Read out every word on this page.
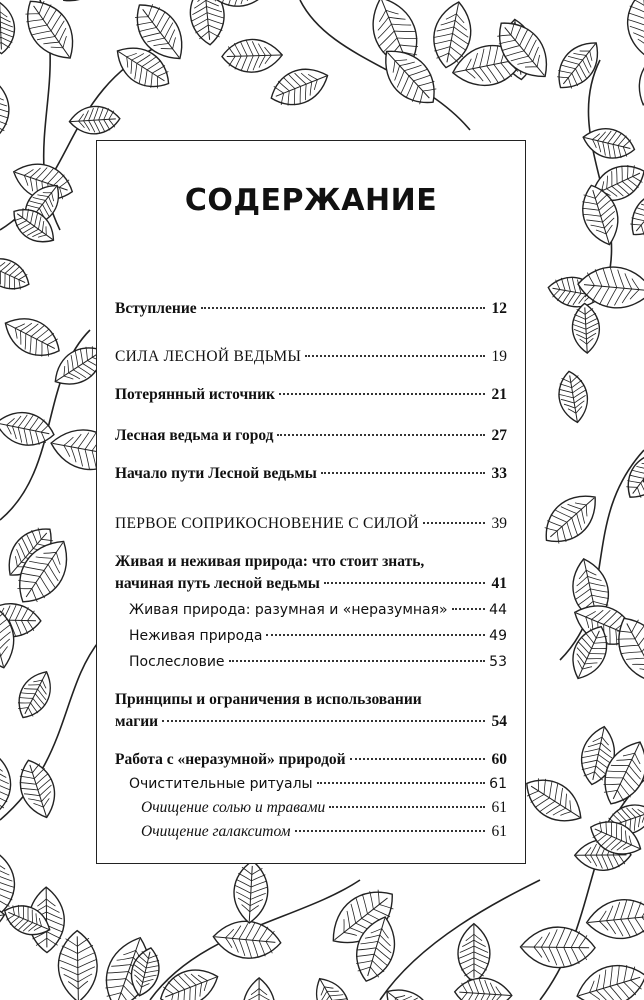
СОДЕРЖАНИЕ
Вступление	12
СИЛА ЛЕСНОЙ ВЕДЬМЫ	19
Потерянный источник	21
Лесная ведьма и город	27
Начало пути Лесной ведьмы	33
ПЕРВОЕ СОПРИКОСНОВЕНИЕ С СИЛОЙ	39
Живая и неживая природа: что стоит знать,
начиная путь лесной ведьмы	41
Живая природа: разумная и «неразумная»	44
Неживая природа	49
Послесловие	53
Принципы и ограничения в использовании
магии	54
Работа с «неразумной» природой	60
Очистительные ритуалы	61
Очищение солью и травами	61
Очищение галакситом	61
